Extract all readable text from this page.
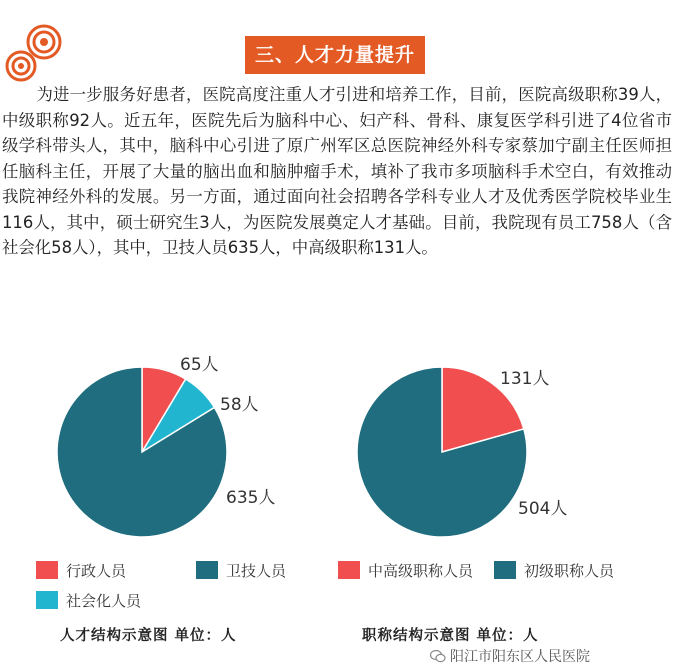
三、人才力量提升

为进一步服务好患者，医院高度注重人才引进和培养工作，目前，医院高级职称39人，中级职称92人。近五年，医院先后为脑科中心、妇产科、骨科、康复医学科引进了4位省市级学科带头人，其中，脑科中心引进了原广州军区总医院神经外科专家蔡加宁副主任医师担任脑科主任，开展了大量的脑出血和脑肿瘤手术，填补了我市多项脑科手术空白，有效推动我院神经外科的发展。另一方面，通过面向社会招聘各学科专业人才及优秀医学院校毕业生116人，其中，硕士研究生3人，为医院发展奠定人才基础。目前，我院现有员工758人（含社会化58人），其中，卫技人员635人，中高级职称131人。

65人
58人
635人
131人
504人
行政人员	卫技人员
社会化人员
中高级职称人员	初级职称人员
人才结构示意图 单位：人	职称结构示意图 单位：人
阳江市阳东区人民医院
